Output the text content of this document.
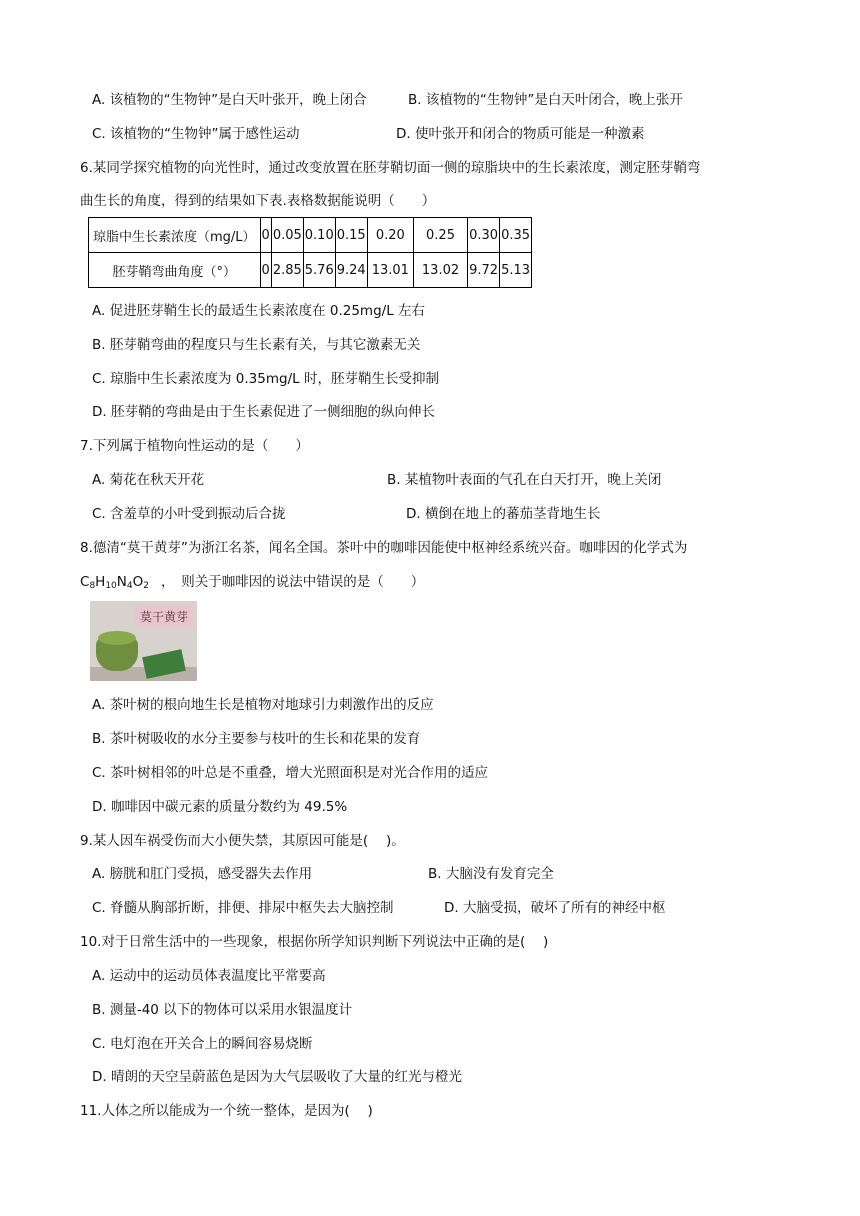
A. 该植物的“生物钟”是白天叶张开，晚上闭合	B. 该植物的“生物钟”是白天叶闭合，晚上张开
C. 该植物的“生物钟”属于感性运动	D. 使叶张开和闭合的物质可能是一种激素
6.某同学探究植物的向光性时，通过改变放置在胚芽鞘切面一侧的琼脂块中的生长素浓度，测定胚芽鞘弯
曲生长的角度，得到的结果如下表.表格数据能说明（　　）
琼脂中生长素浓度（mg/L）	0	0.05	0.10	0.15	0.20	0.25	0.30	0.35
胚芽鞘弯曲角度（°）	0	2.85	5.76	9.24	13.01	13.02	9.72	5.13
A. 促进胚芽鞘生长的最适生长素浓度在 0.25mg/L 左右
B. 胚芽鞘弯曲的程度只与生长素有关，与其它激素无关
C. 琼脂中生长素浓度为 0.35mg/L 时，胚芽鞘生长受抑制
D. 胚芽鞘的弯曲是由于生长素促进了一侧细胞的纵向伸长
7.下列属于植物向性运动的是（　　）
A. 菊花在秋天开花	B. 某植物叶表面的气孔在白天打开，晚上关闭
C. 含羞草的小叶受到振动后合拢	D. 横倒在地上的蕃茄茎背地生长
8.德清“莫干黄芽”为浙江名茶，闻名全国。茶叶中的咖啡因能使中枢神经系统兴奋。咖啡因的化学式为
$C_8H_{10}N_4O_2$ ，　则关于咖啡因的说法中错误的是（　　）
莫干黄芽
A. 茶叶树的根向地生长是植物对地球引力刺激作出的反应
B. 茶叶树吸收的水分主要参与枝叶的生长和花果的发育
C. 茶叶树相邻的叶总是不重叠，增大光照面积是对光合作用的适应
D. 咖啡因中碳元素的质量分数约为 49.5%
9.某人因车祸受伤而大小便失禁，其原因可能是(　 )。
A. 膀胱和肛门受损，感受器失去作用	B. 大脑没有发育完全
C. 脊髓从胸部折断，排便、排尿中枢失去大脑控制	D. 大脑受损，破坏了所有的神经中枢
10.对于日常生活中的一些现象，根据你所学知识判断下列说法中正确的是(　 )
A. 运动中的运动员体表温度比平常要高
B. 测量-40 以下的物体可以采用水银温度计
C. 电灯泡在开关合上的瞬间容易烧断
D. 晴朗的天空呈蔚蓝色是因为大气层吸收了大量的红光与橙光
11.人体之所以能成为一个统一整体，是因为(　 )
